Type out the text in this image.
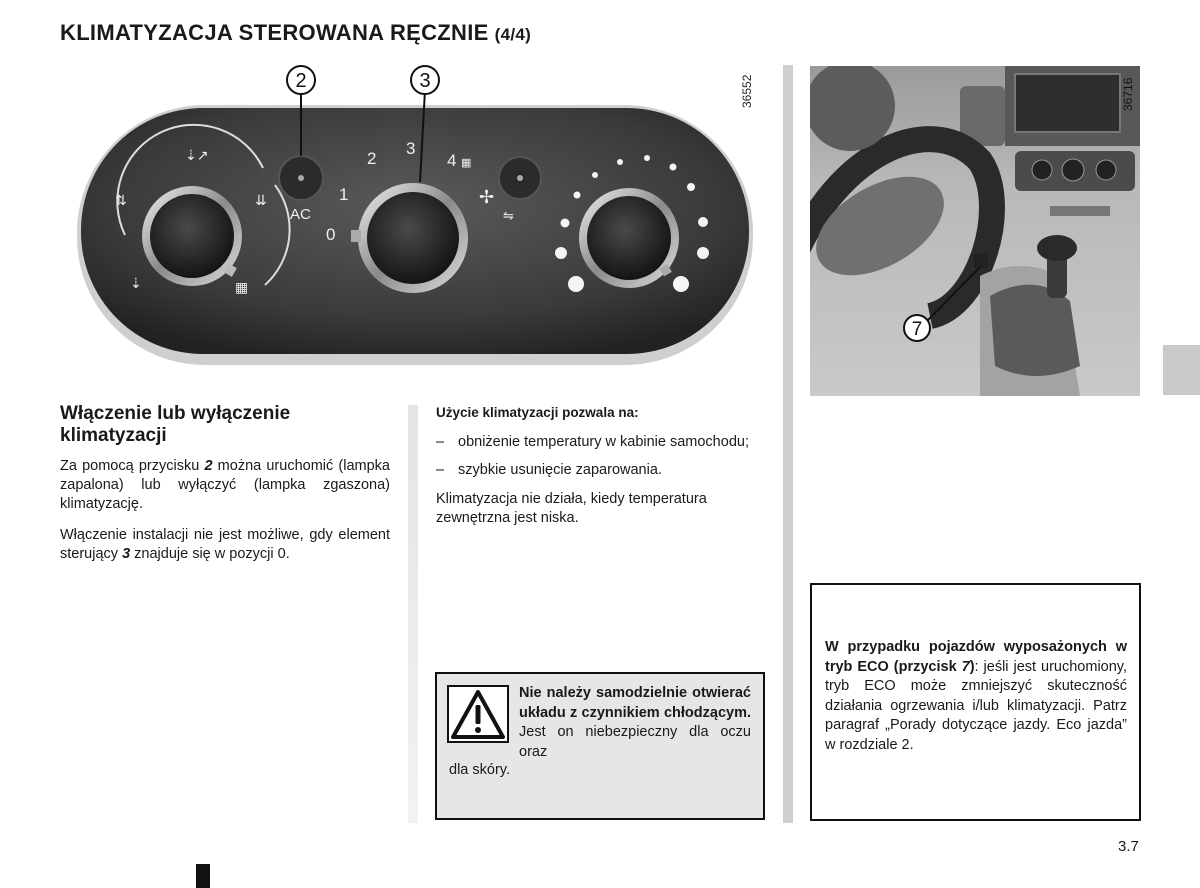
KLIMATYZACJA STEROWANA RĘCZNIE (4/4)
36552
⇣↗
⇅
⇣
⇊
▦
AC
2
0
1
2
3
4 ▦
✢
⇋
3
7
36716
Włączenie lub wyłączenie klimatyzacji

Za pomocą przycisku 2 można uruchomić (lampka zapalona) lub wyłączyć (lampka zgaszona) klimatyzację.

Włączenie instalacji nie jest możliwe, gdy element sterujący 3 znajduje się w pozycji 0.

Użycie klimatyzacji pozwala na:
– obniżenie temperatury w kabinie samochodu;
– szybkie usunięcie zaparowania.

Klimatyzacja nie działa, kiedy temperatura zewnętrzna jest niska.

Nie należy samodzielnie otwierać układu z czynnikiem chłodzącym. Jest on niebezpieczny dla oczu oraz
dla skóry.
W przypadku pojazdów wyposażonych w tryb ECO (przycisk 7): jeśli jest uruchomiony, tryb ECO może zmniejszyć skuteczność działania ogrzewania i/lub klimatyzacji. Patrz paragraf „Porady dotyczące jazdy. Eco jazda” w rozdziale 2.
3.7
